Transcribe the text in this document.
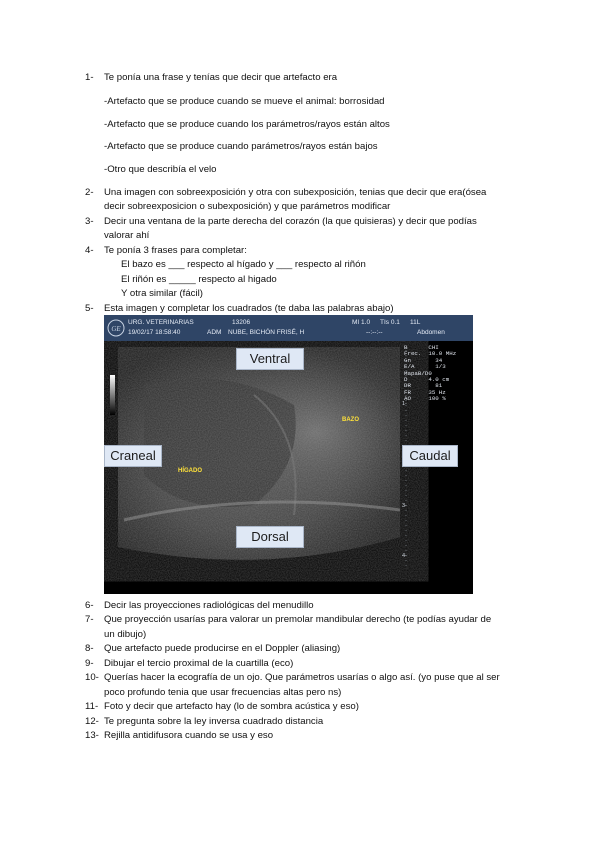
1- Te ponía una frase y tenías que decir que artefacto era
-Artefacto que se produce cuando se mueve el animal: borrosidad
-Artefacto que se produce cuando los parámetros/rayos están altos
-Artefacto que se produce cuando parámetros/rayos están bajos
-Otro que describía el velo
2- Una imagen con sobreexposición y otra con subexposición, tenias que decir que era(ósea
decir sobreexposicion o subexposición) y que parámetros modificar
3- Decir una ventana de la parte derecha del corazón (la que quisieras) y decir que podías
valorar ahí
4- Te ponía 3 frases para completar:
El bazo es ___ respecto al hígado y ___ respecto al riñón
El riñón es _____ respecto al higado
Y otra similar (fácil)
5- Esta imagen y completar los cuadrados (te daba las palabras abajo)
GE
URG. VETERINARIAS	13206
19/02/17 18:58:40	ADM NUBE, BICHÓN FRISÉ, H
MI 1.0 TIs 0.1 11L
--:--:--	Abdomen
B      CHI
Frec.  10.0 MHz
Gn       34
E/A      1/3
MapaB/D0
D      4.0 cm
DR       81
FR     35 Hz
AO     100 %
1-
3-
4-
BAZO
HÍGADO
Ventral
Craneal	Caudal
Dorsal
6- Decir las proyecciones radiológicas del menudillo
7- Que proyección usarías para valorar un premolar mandibular derecho (te podías ayudar de
un dibujo)
8- Que artefacto puede producirse en el Doppler (aliasing)
9- Dibujar el tercio proximal de la cuartilla (eco)
10- Querías hacer la ecografía de un ojo. Que parámetros usarías o algo así. (yo puse que al ser
poco profundo tenia que usar frecuencias altas pero ns)
11- Foto y decir que artefacto hay (lo de sombra acústica y eso)
12- Te pregunta sobre la ley inversa cuadrado distancia
13- Rejilla antidifusora cuando se usa y eso
